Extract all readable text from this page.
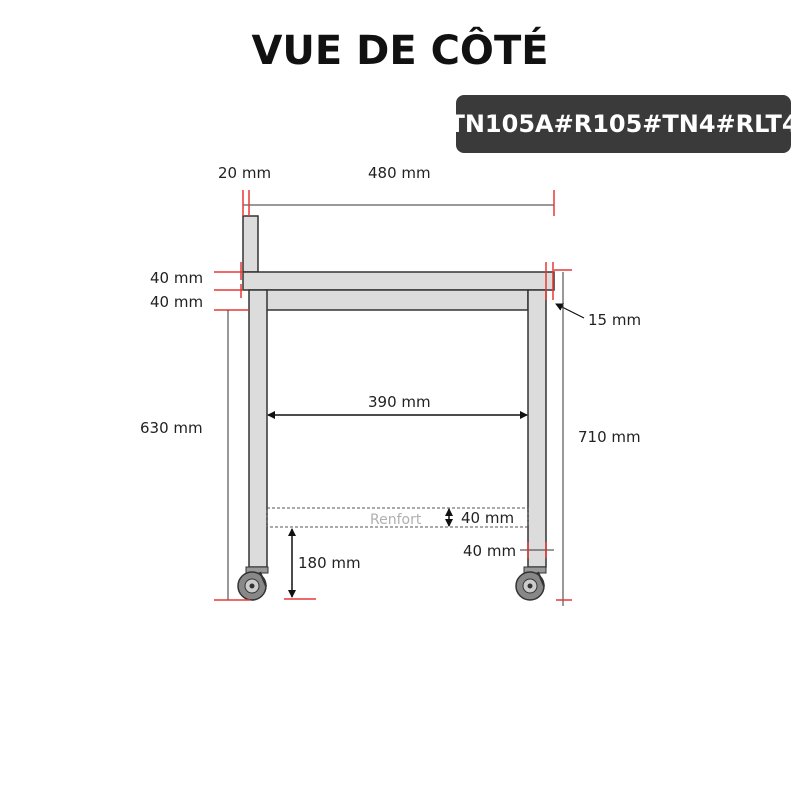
VUE DE CÔTÉ
TN105A#R105#TN4#RLT4
Renfort
20 mm	480 mm
40 mm
40 mm
630 mm
15 mm
710 mm
390 mm
40 mm
40 mm
180 mm
